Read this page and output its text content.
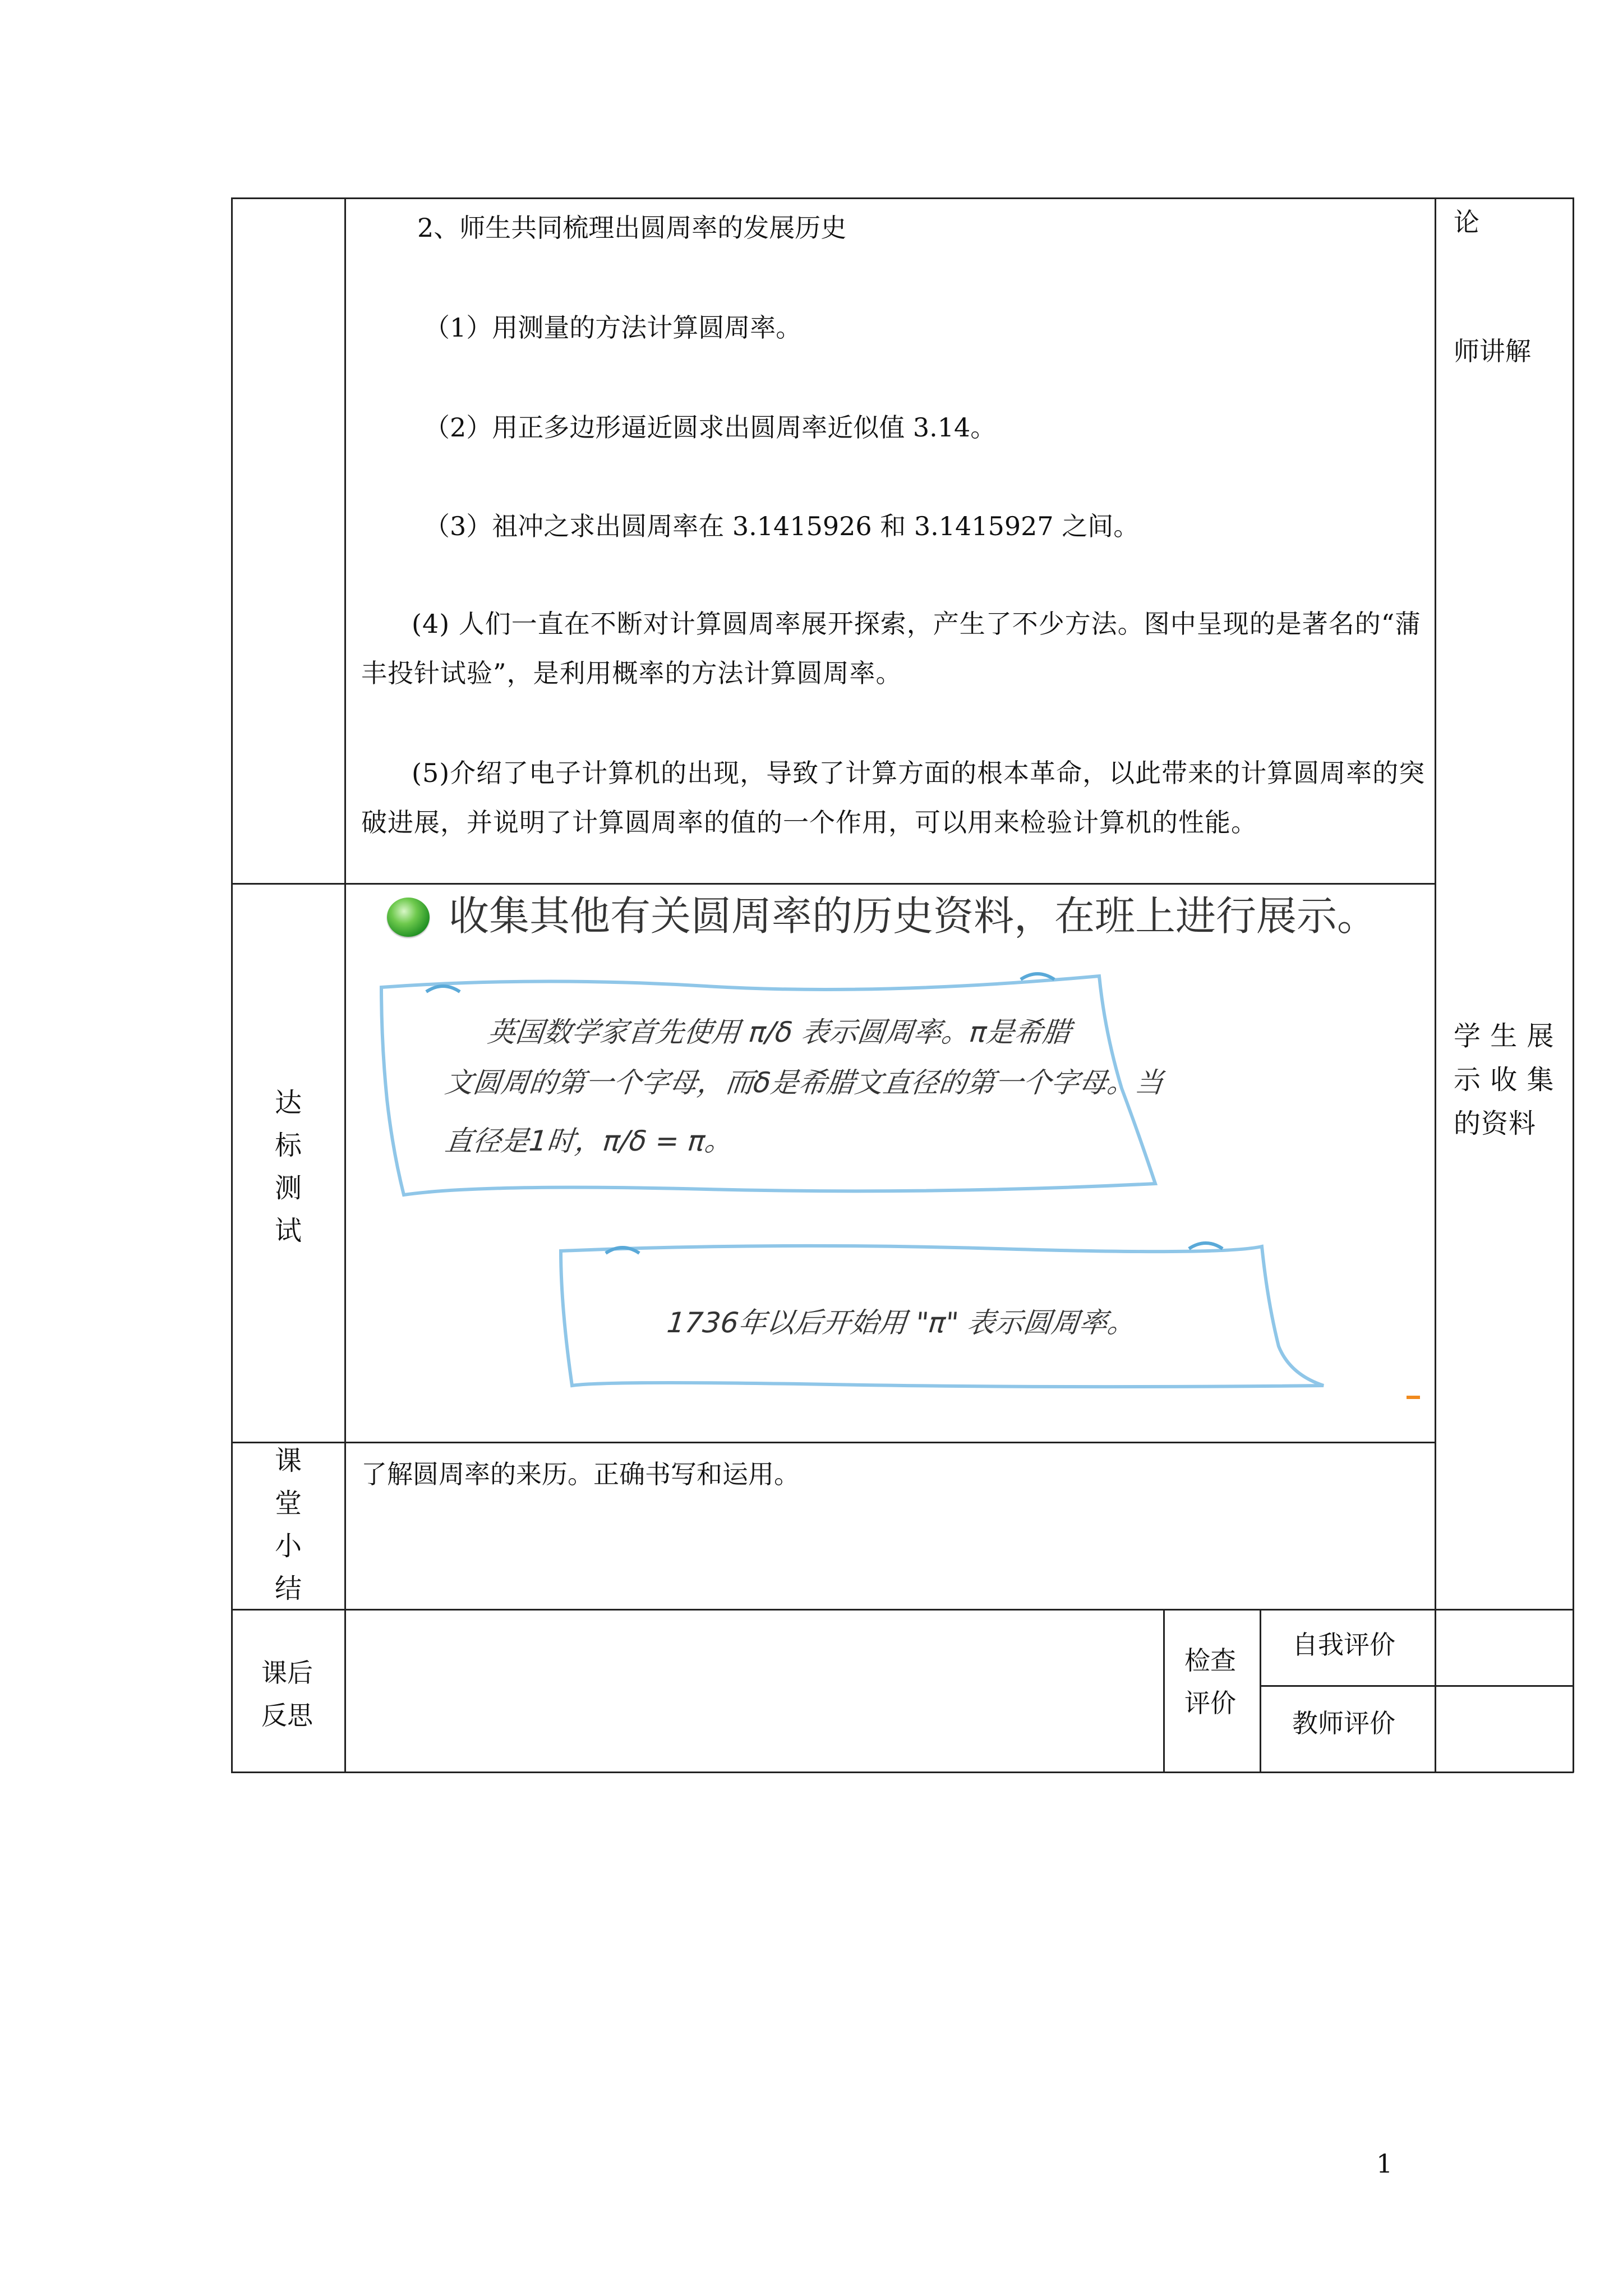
2、师生共同梳理出圆周率的发展历史
（1）用测量的方法计算圆周率。
（2）用正多边形逼近圆求出圆周率近似值 3.14。
（3）祖冲之求出圆周率在 3.1415926 和 3.1415927 之间。
(4) 人们一直在不断对计算圆周率展开探索，产生了不少方法。图中呈现的是著名的“蒲丰投针试验”，是利用概率的方法计算圆周率。
(5)介绍了电子计算机的出现，导致了计算方面的根本革命，以此带来的计算圆周率的突破进展，并说明了计算圆周率的值的一个作用，可以用来检验计算机的性能。
论
师讲解
学 生 展 示 收 集 的资料
达
标
测
试
收集其他有关圆周率的历史资料，在班上进行展示。
英国数学家首先使用 π/δ 表示圆周率。π是希腊
文圆周的第一个字母，而δ是希腊文直径的第一个字母。当
直径是1时，π/δ = π。
1736年以后开始用 "π" 表示圆周率。
课
堂
小
结
了解圆周率的来历。正确书写和运用。
课后
反思
检查
评价
自我评价
教师评价
1
